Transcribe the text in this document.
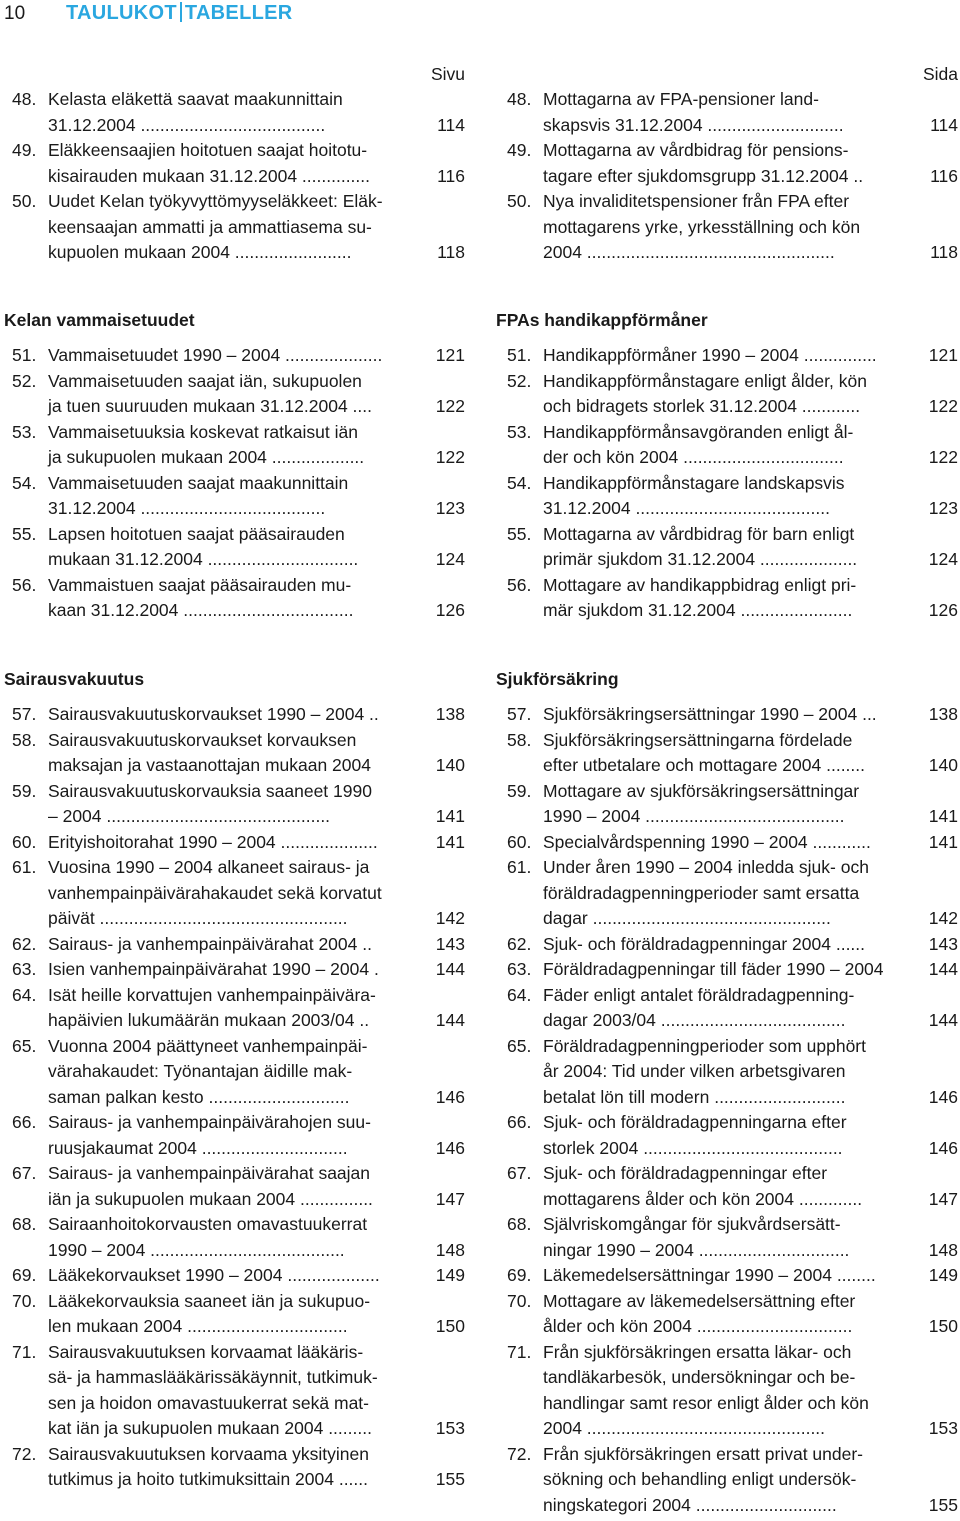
10 TAULUKOT TABELLER
Sivu
48. Kelasta eläkettä saavat maakunnittain
31.12.2004 ......................................	114
49. Eläkkeensaajien hoitotuen saajat hoitotu-
kisairauden mukaan 31.12.2004 ..............	116
50. Uudet Kelan työkyvyttömyyseläkkeet: Eläk-
keensaajan ammatti ja ammattiasema su-
kupuolen mukaan 2004 ........................	118
Kelan vammaisetuudet
51. Vammaisetuudet 1990 – 2004 ....................	121
52. Vammaisetuuden saajat iän, sukupuolen
ja tuen suuruuden mukaan 31.12.2004 ....	122
53. Vammaisetuuksia koskevat ratkaisut iän
ja sukupuolen mukaan 2004 ...................	122
54. Vammaisetuuden saajat maakunnittain
31.12.2004 ......................................	123
55. Lapsen hoitotuen saajat pääsairauden
mukaan 31.12.2004 ...............................	124
56. Vammaistuen saajat pääsairauden mu-
kaan 31.12.2004 ...................................	126
Sairausvakuutus
57. Sairausvakuutuskorvaukset 1990 – 2004 ..	138
58. Sairausvakuutuskorvaukset korvauksen
maksajan ja vastaanottajan mukaan 2004	140
59. Sairausvakuutuskorvauksia saaneet 1990
– 2004 ..............................................	141
60. Erityishoitorahat 1990 – 2004 ....................	141
61. Vuosina 1990 – 2004 alkaneet sairaus- ja
vanhempainpäivärahakaudet sekä korvatut
päivät ...................................................	142
62. Sairaus- ja vanhempainpäivärahat 2004 ..	143
63. Isien vanhempainpäivärahat 1990 – 2004 .	144
64. Isät heille korvattujen vanhempainpäivära-
hapäivien lukumäärän mukaan 2003/04 ..	144
65. Vuonna 2004 päättyneet vanhempainpäi-
värahakaudet: Työnantajan äidille mak-
saman palkan kesto .............................	146
66. Sairaus- ja vanhempainpäivärahojen suu-
ruusjakaumat 2004 ..............................	146
67. Sairaus- ja vanhempainpäivärahat saajan
iän ja sukupuolen mukaan 2004 ...............	147
68. Sairaanhoitokorvausten omavastuukerrat
1990 – 2004 ........................................	148
69. Lääkekorvaukset 1990 – 2004 ...................	149
70. Lääkekorvauksia saaneet iän ja sukupuo-
len mukaan 2004 .................................	150
71. Sairausvakuutuksen korvaamat lääkäris-
sä- ja hammaslääkärissäkäynnit, tutkimuk-
sen ja hoidon omavastuukerrat sekä mat-
kat iän ja sukupuolen mukaan 2004 .........	153
72. Sairausvakuutuksen korvaama yksityinen
tutkimus ja hoito tutkimuksittain 2004 ......	155
Sida
48. Mottagarna av FPA-pensioner land-
skapsvis 31.12.2004 ............................	114
49. Mottagarna av vårdbidrag för pensions-
tagare efter sjukdomsgrupp 31.12.2004 ..	116
50. Nya invaliditetspensioner från FPA efter
mottagarens yrke, yrkesställning och kön
2004 ...................................................	118
FPAs handikappförmåner
51. Handikappförmåner 1990 – 2004 ...............	121
52. Handikappförmånstagare enligt ålder, kön
och bidragets storlek 31.12.2004 ............	122
53. Handikappförmånsavgöranden enligt ål-
der och kön 2004 .................................	122
54. Handikappförmånstagare landskapsvis
31.12.2004 ........................................	123
55. Mottagarna av vårdbidrag för barn enligt
primär sjukdom 31.12.2004 ....................	124
56. Mottagare av handikappbidrag enligt pri-
mär sjukdom 31.12.2004 .......................	126
Sjukförsäkring
57. Sjukförsäkringsersättningar 1990 – 2004 ...	138
58. Sjukförsäkringsersättningarna fördelade
efter utbetalare och mottagare 2004 ........	140
59. Mottagare av sjukförsäkringsersättningar
1990 – 2004 .........................................	141
60. Specialvårdspenning 1990 – 2004 ............	141
61. Under åren 1990 – 2004 inledda sjuk- och
föräldradagpenningperioder samt ersatta
dagar .................................................	142
62. Sjuk- och föräldradagpenningar 2004 ......	143
63. Föräldradagpenningar till fäder 1990 – 2004	144
64. Fäder enligt antalet föräldradagpenning-
dagar 2003/04 ......................................	144
65. Föräldradagpenningperioder som upphört
år 2004: Tid under vilken arbetsgivaren
betalat lön till modern ...........................	146
66. Sjuk- och föräldradagpenningarna efter
storlek 2004 .........................................	146
67. Sjuk- och föräldradagpenningar efter
mottagarens ålder och kön 2004 .............	147
68. Självriskomgångar för sjukvårdsersätt-
ningar 1990 – 2004 ...............................	148
69. Läkemedelsersättningar 1990 – 2004 ........	149
70. Mottagare av läkemedelsersättning efter
ålder och kön 2004 ................................	150
71. Från sjukförsäkringen ersatta läkar- och
tandläkarbesök, undersökningar och be-
handlingar samt resor enligt ålder och kön
2004 .................................................	153
72. Från sjukförsäkringen ersatt privat under-
sökning och behandling enligt undersök-
ningskategori 2004 .............................	155
